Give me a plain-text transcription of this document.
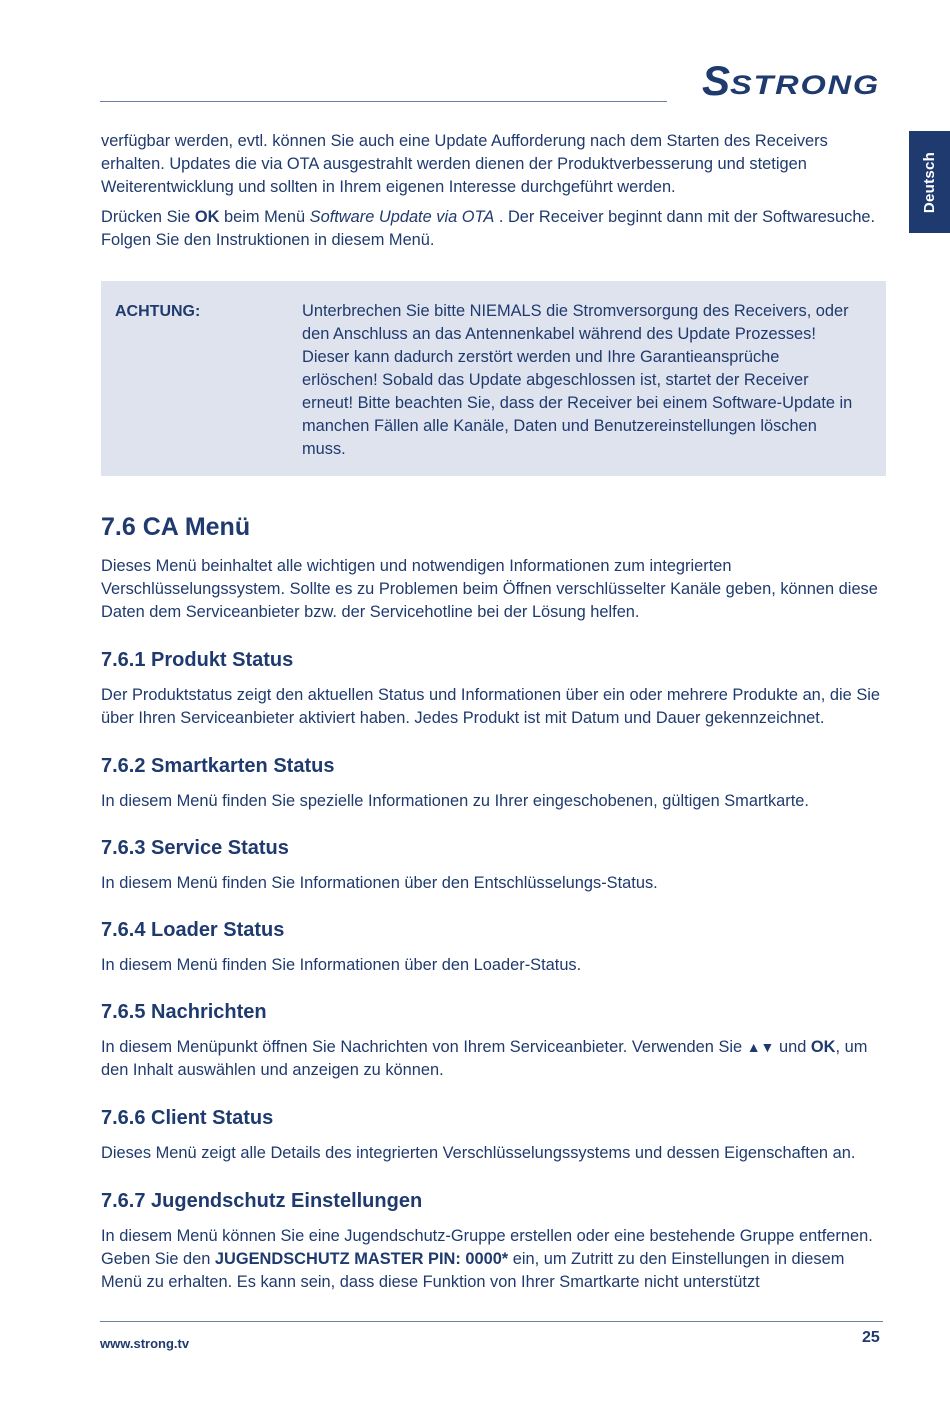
S STRONG
Deutsch

verfügbar werden, evtl. können Sie auch eine Update Aufforderung nach dem Starten des Receivers erhalten. Updates die via OTA ausgestrahlt werden dienen der Produktverbesserung und stetigen Weiterentwicklung und sollten in Ihrem eigenen Interesse durchgeführt werden.

Drücken Sie OK beim Menü Software Update via OTA . Der Receiver beginnt dann mit der Softwaresuche. Folgen Sie den Instruktionen in diesem Menü.

ACHTUNG:	Unterbrechen Sie bitte NIEMALS die Stromversorgung des Receivers, oder den Anschluss an das Antennenkabel während des Update Prozesses! Dieser kann dadurch zerstört werden und Ihre Garantieansprüche erlöschen! Sobald das Update abgeschlossen ist, startet der Receiver erneut! Bitte beachten Sie, dass der Receiver bei einem Software-Update in manchen Fällen alle Kanäle, Daten und Benutzereinstellungen löschen muss.
7.6 CA Menü

Dieses Menü beinhaltet alle wichtigen und notwendigen Informationen zum integrierten Verschlüsselungssystem. Sollte es zu Problemen beim Öffnen verschlüsselter Kanäle geben, können diese Daten dem Serviceanbieter bzw. der Servicehotline bei der Lösung helfen.

7.6.1 Produkt Status

Der Produktstatus zeigt den aktuellen Status und Informationen über ein oder mehrere Produkte an, die Sie über Ihren Serviceanbieter aktiviert haben. Jedes Produkt ist mit Datum und Dauer gekennzeichnet.

7.6.2 Smartkarten Status

In diesem Menü finden Sie spezielle Informationen zu Ihrer eingeschobenen, gültigen Smartkarte.

7.6.3 Service Status

In diesem Menü finden Sie Informationen über den Entschlüsselungs-Status.

7.6.4 Loader Status

In diesem Menü finden Sie Informationen über den Loader-Status.

7.6.5 Nachrichten

In diesem Menüpunkt öffnen Sie Nachrichten von Ihrem Serviceanbieter. Verwenden Sie ▲▼ und OK, um den Inhalt auswählen und anzeigen zu können.

7.6.6 Client Status

Dieses Menü zeigt alle Details des integrierten Verschlüsselungssystems und dessen Eigenschaften an.

7.6.7 Jugendschutz Einstellungen

In diesem Menü können Sie eine Jugendschutz-Gruppe erstellen oder eine bestehende Gruppe entfernen. Geben Sie den JUGENDSCHUTZ MASTER PIN: 0000* ein, um Zutritt zu den Einstellungen in diesem Menü zu erhalten. Es kann sein, dass diese Funktion von Ihrer Smartkarte nicht unterstützt

www.strong.tv	25
